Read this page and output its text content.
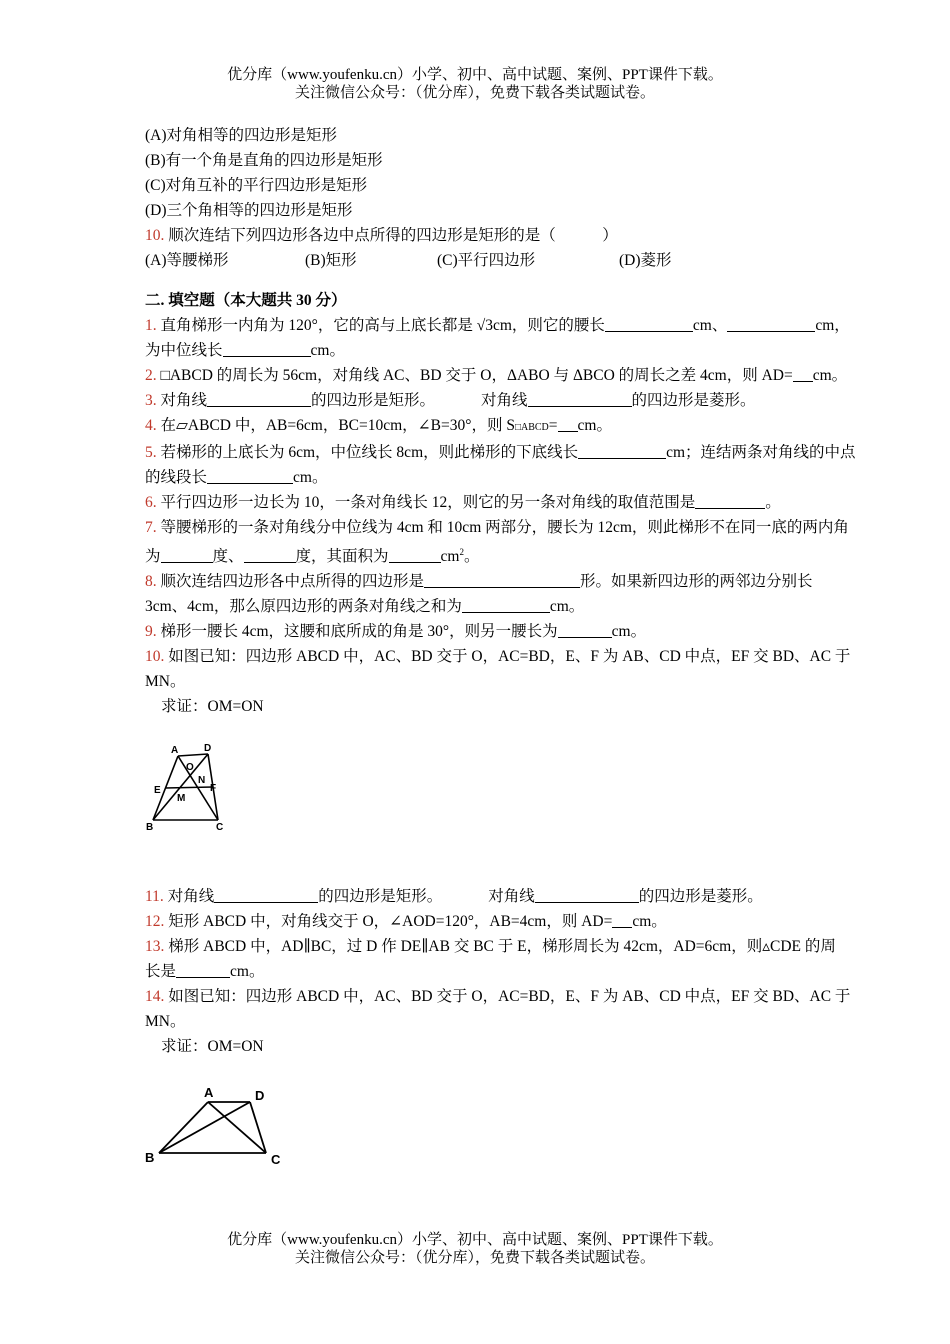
优分库（www.youfenku.cn）小学、初中、高中试题、案例、PPT课件下载。
关注微信公众号：（优分库），免费下载各类试题试卷。
(A)对角相等的四边形是矩形
(B)有一个角是直角的四边形是矩形
(C)对角互补的平行四边形是矩形
(D)三个角相等的四边形是矩形
10. 顺次连结下列四边形各边中点所得的四边形是矩形的是（　　　）
(A)等腰梯形	(B)矩形	(C)平行四边形	(D)菱形
二. 填空题（本大题共 30 分）
1. 直角梯形一内角为 120°，它的高与上底长都是 √3cm，则它的腰长	cm、	cm，
为中位线长	cm。
2. □ABCD 的周长为 56cm，对角线 AC、BD 交于 O，ΔABO 与 ΔBCO 的周长之差 4cm，则 AD= cm。
3. 对角线	的四边形是矩形。	对角线	的四边形是菱形。
4. 在▱ABCD 中，AB=6cm，BC=10cm，∠B=30°，则 S□ABCD= cm。
5. 若梯形的上底长为 6cm，中位线长 8cm，则此梯形的下底线长	cm；连结两条对角线的中点
的线段长	cm。
6. 平行四边形一边长为 10，一条对角线长 12，则它的另一条对角线的取值范围是	。
7. 等腰梯形的一条对角线分中位线为 4cm 和 10cm 两部分，腰长为 12cm，则此梯形不在同一底的两内角
为	度、	度，其面积为	$cm^2$。
8. 顺次连结四边形各中点所得的四边形是	形。如果新四边形的两邻边分别长
3cm、4cm，那么原四边形的两条对角线之和为	cm。
9. 梯形一腰长 4cm，这腰和底所成的角是 30°，则另一腰长为	cm。
10. 如图已知：四边形 ABCD 中，AC、BD 交于 O，AC=BD，E、F 为 AB、CD 中点，EF 交 BD、AC 于
MN。
求证：OM=ON
11. 对角线	的四边形是矩形。	对角线	的四边形是菱形。
12. 矩形 ABCD 中，对角线交于 O，∠AOD=120°，AB=4cm，则 AD= cm。
13. 梯形 ABCD 中，AD∥BC，过 D 作 DE∥AB 交 BC 于 E，梯形周长为 42cm，AD=6cm，则▵CDE 的周
长是	cm。
14. 如图已知：四边形 ABCD 中，AC、BD 交于 O，AC=BD，E、F 为 AB、CD 中点，EF 交 BD、AC 于
MN。
求证：OM=ON
A	D
O
N
M
E	F
B	C
A	D
B	C
优分库（www.youfenku.cn）小学、初中、高中试题、案例、PPT课件下载。
关注微信公众号：（优分库），免费下载各类试题试卷。
